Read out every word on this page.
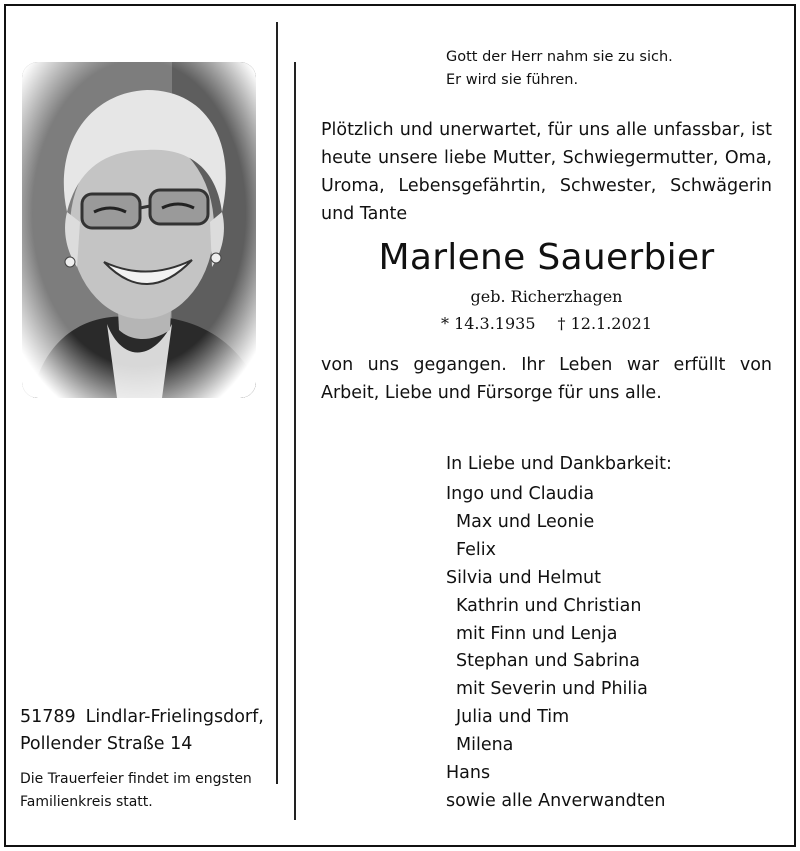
Gott der Herr nahm sie zu sich.
Er wird sie führen.
Plötzlich und unerwartet, für uns alle unfassbar, ist heute unsere liebe Mutter, Schwiegermutter, Oma, Uroma, Lebensgefährtin, Schwester, Schwägerin und Tante
Marlene Sauerbier
geb. Richerzhagen
* 14.3.1935 † 12.1.2021
von uns gegangen. Ihr Leben war erfüllt von Arbeit, Liebe und Fürsorge für uns alle.
In Liebe und Dankbarkeit:
Ingo und Claudia
Max und Leonie
Felix
Silvia und Helmut
Kathrin und Christian
mit Finn und Lenja
Stephan und Sabrina
mit Severin und Philia
Julia und Tim
Milena
Hans
sowie alle Anverwandten
51789 Lindlar-Frielingsdorf,
Pollender Straße 14
Die Trauerfeier findet im engsten
Familienkreis statt.
